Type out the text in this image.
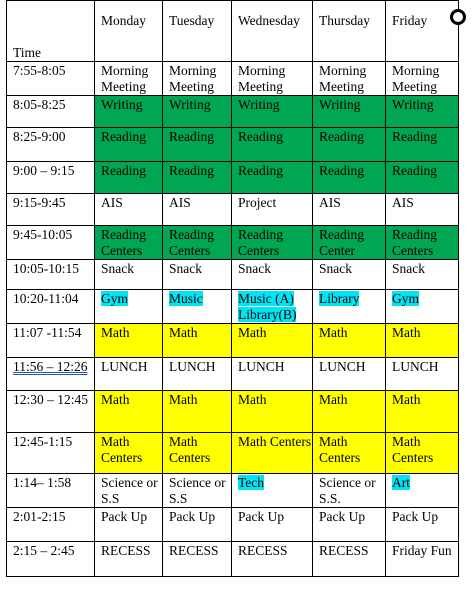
Time	Monday	Tuesday	Wednesday	Thursday	Friday

7:55-8:05	Morning Meeting	Morning Meeting	Morning Meeting	Morning Meeting	Morning Meeting

8:05-8:25	Writing	Writing	Writing	Writing	Writing

8:25-9:00	Reading	Reading	Reading	Reading	Reading

9:00 – 9:15	Reading	Reading	Reading	Reading	Reading

9:15-9:45	AIS	AIS	Project	AIS	AIS

9:45-10:05	Reading Centers	Reading Centers	Reading Centers	Reading Center	Reading Centers

10:05-10:15	Snack	Snack	Snack	Snack	Snack

10:20-11:04	Gym	Music	Music (A) Library(B)	Library	Gym

11:07 -11:54	Math	Math	Math	Math	Math

11:56 – 12:26	LUNCH	LUNCH	LUNCH	LUNCH	LUNCH

12:30 – 12:45	Math	Math	Math	Math	Math

12:45-1:15	Math Centers	Math Centers	Math Centers	Math Centers	Math Centers

1:14– 1:58	Science or S.S	Science or S.S	Tech	Science or S.S.	Art

2:01-2:15	Pack Up	Pack Up	Pack Up	Pack Up	Pack Up

2:15 – 2:45	RECESS	RECESS	RECESS	RECESS	Friday Fun
